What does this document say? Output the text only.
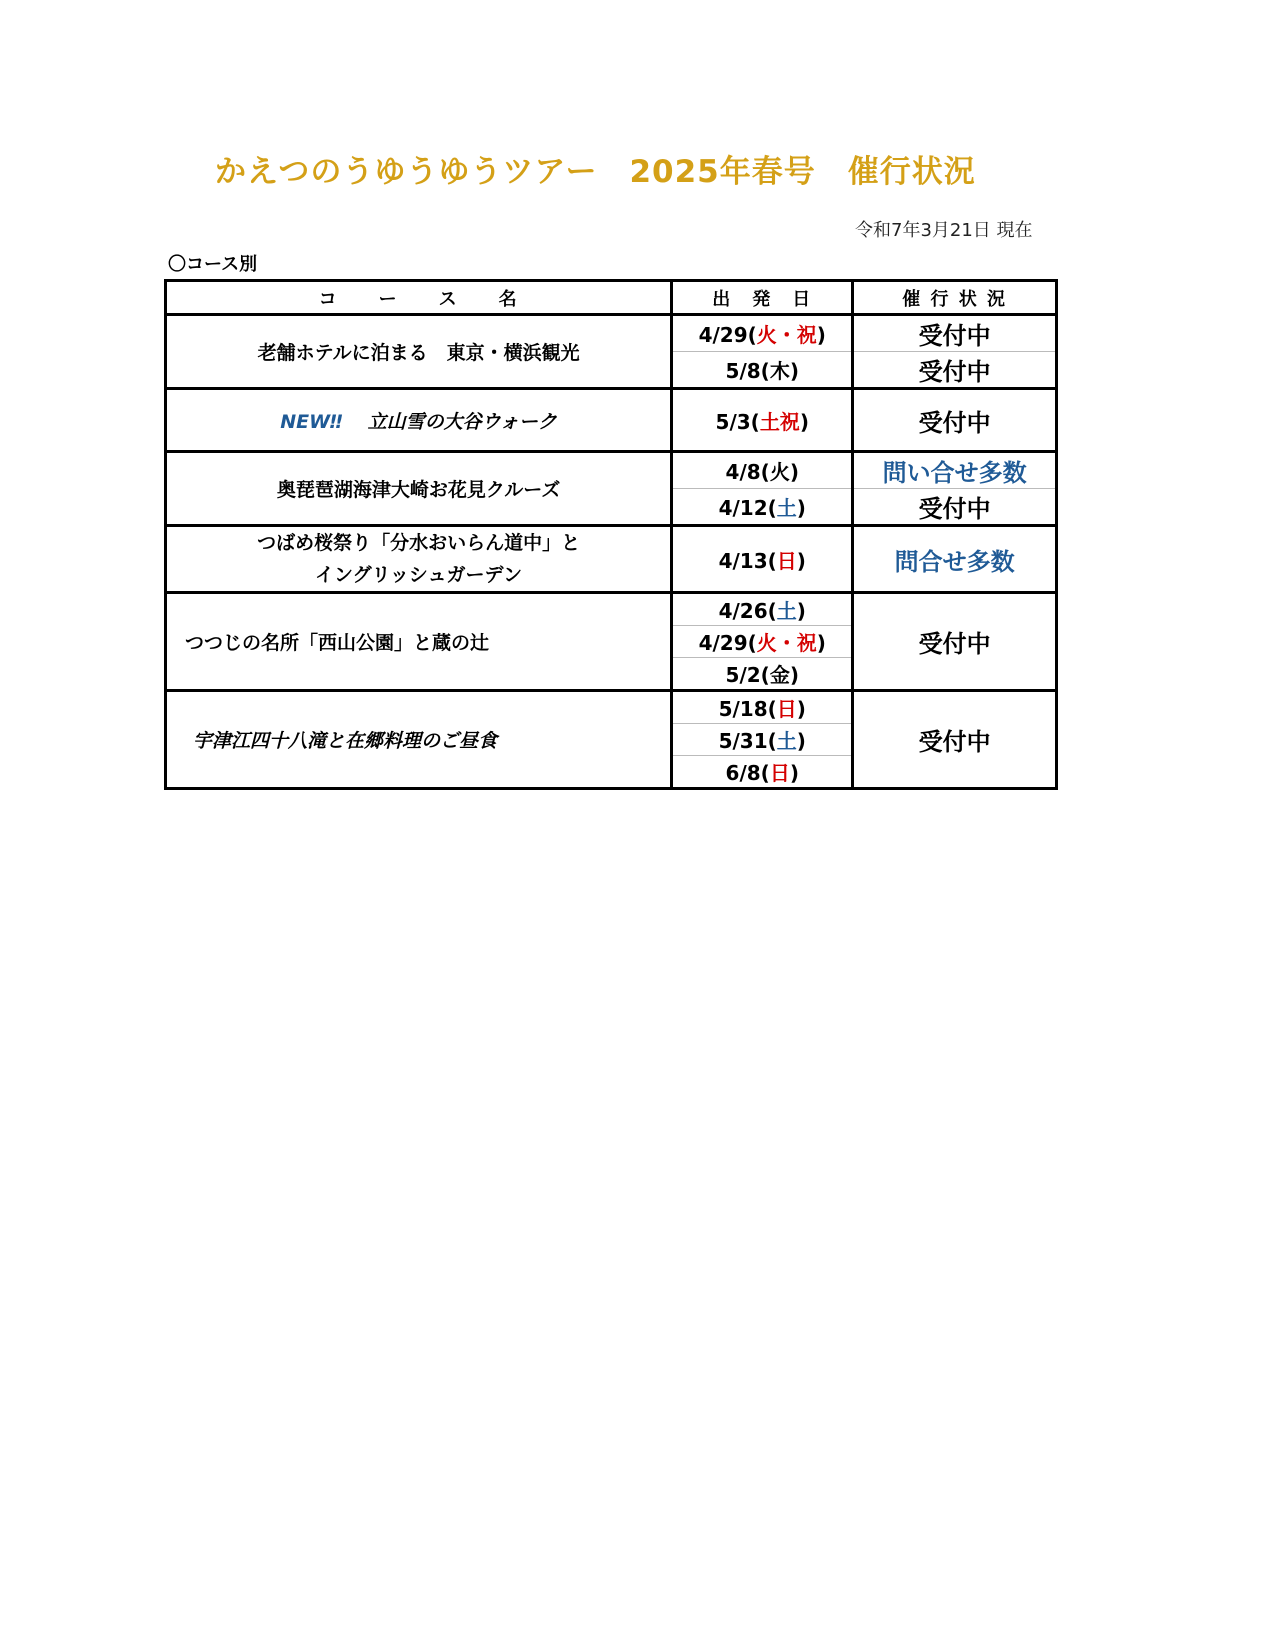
かえつのうゆうゆうツアー　2025年春号　催行状況
令和7年3月21日 現在
〇コース別
コ　　ー　　ス　　名	出　発　日	催 行 状 況
老舗ホテルに泊まる　東京・横浜観光	4/29(火・祝)	受付中
	5/8(木)	受付中
NEW‼　 立山雪の大谷ウォーク	5/3(土祝)	受付中
奥琵琶湖海津大崎お花見クルーズ	4/8(火)	問い合せ多数
	4/12(土)	受付中

つばめ桜祭り「分水おいらん道中」と
イングリッシュガーデン	4/13(日)	問合せ多数
つつじの名所「西山公園」と蔵の辻	4/26(土)	受付中
	4/29(火・祝)	
	5/2(金)	
宇津江四十八滝と在郷料理のご昼食	5/18(日)	受付中
	5/31(土)	
	6/8(日)	
